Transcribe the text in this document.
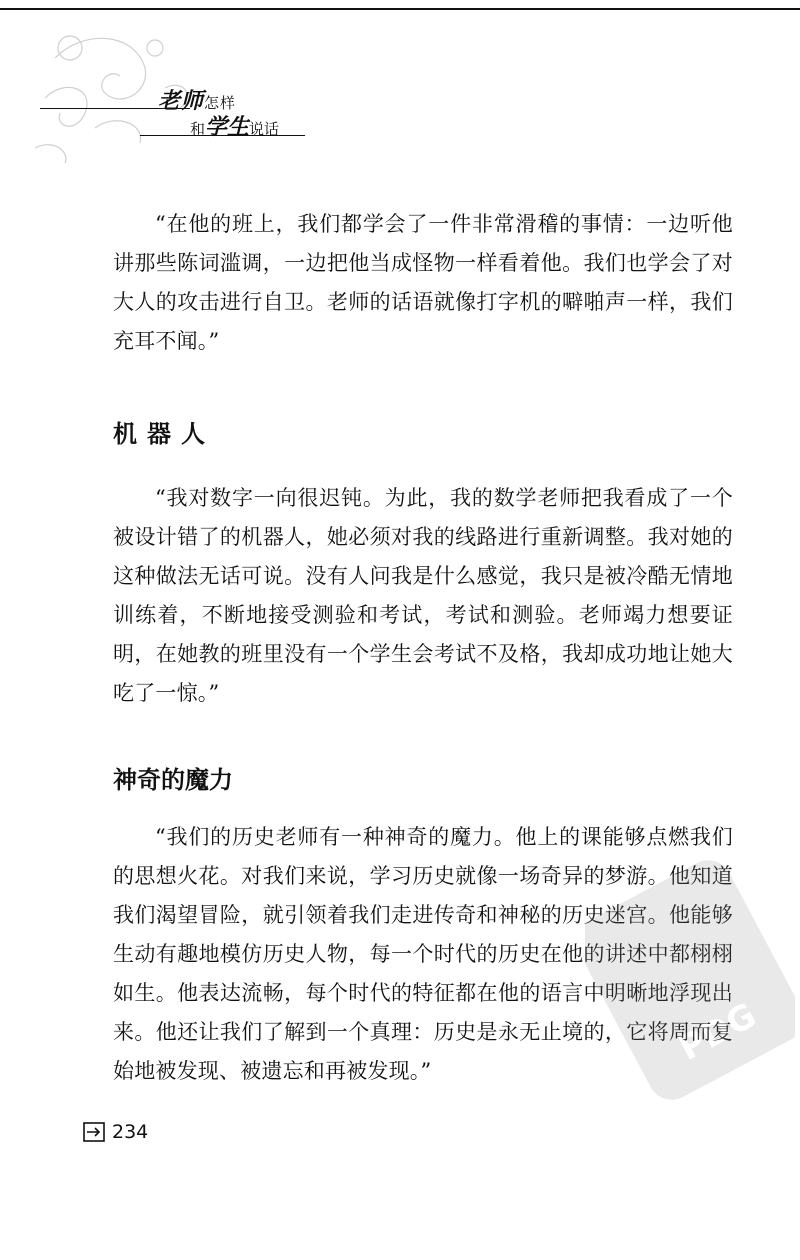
老师怎样
和学生说话

“在他的班上，我们都学会了一件非常滑稽的事情：一边听他讲那些陈词滥调，一边把他当成怪物一样看着他。我们也学会了对大人的攻击进行自卫。老师的话语就像打字机的噼啪声一样，我们充耳不闻。”

机器人

“我对数字一向很迟钝。为此，我的数学老师把我看成了一个被设计错了的机器人，她必须对我的线路进行重新调整。我对她的这种做法无话可说。没有人问我是什么感觉，我只是被冷酷无情地训练着，不断地接受测验和考试，考试和测验。老师竭力想要证明，在她教的班里没有一个学生会考试不及格，我却成功地让她大吃了一惊。”

神奇的魔力

“我们的历史老师有一种神奇的魔力。他上的课能够点燃我们的思想火花。对我们来说，学习历史就像一场奇异的梦游。他知道我们渴望冒险，就引领着我们走进传奇和神秘的历史迷宫。他能够生动有趣地模仿历史人物，每一个时代的历史在他的讲述中都栩栩如生。他表达流畅，每个时代的特征都在他的语言中明晰地浮现出来。他还让我们了解到一个真理：历史是永无止境的，它将周而复始地被发现、被遗忘和再被发现。”

PDG
234
